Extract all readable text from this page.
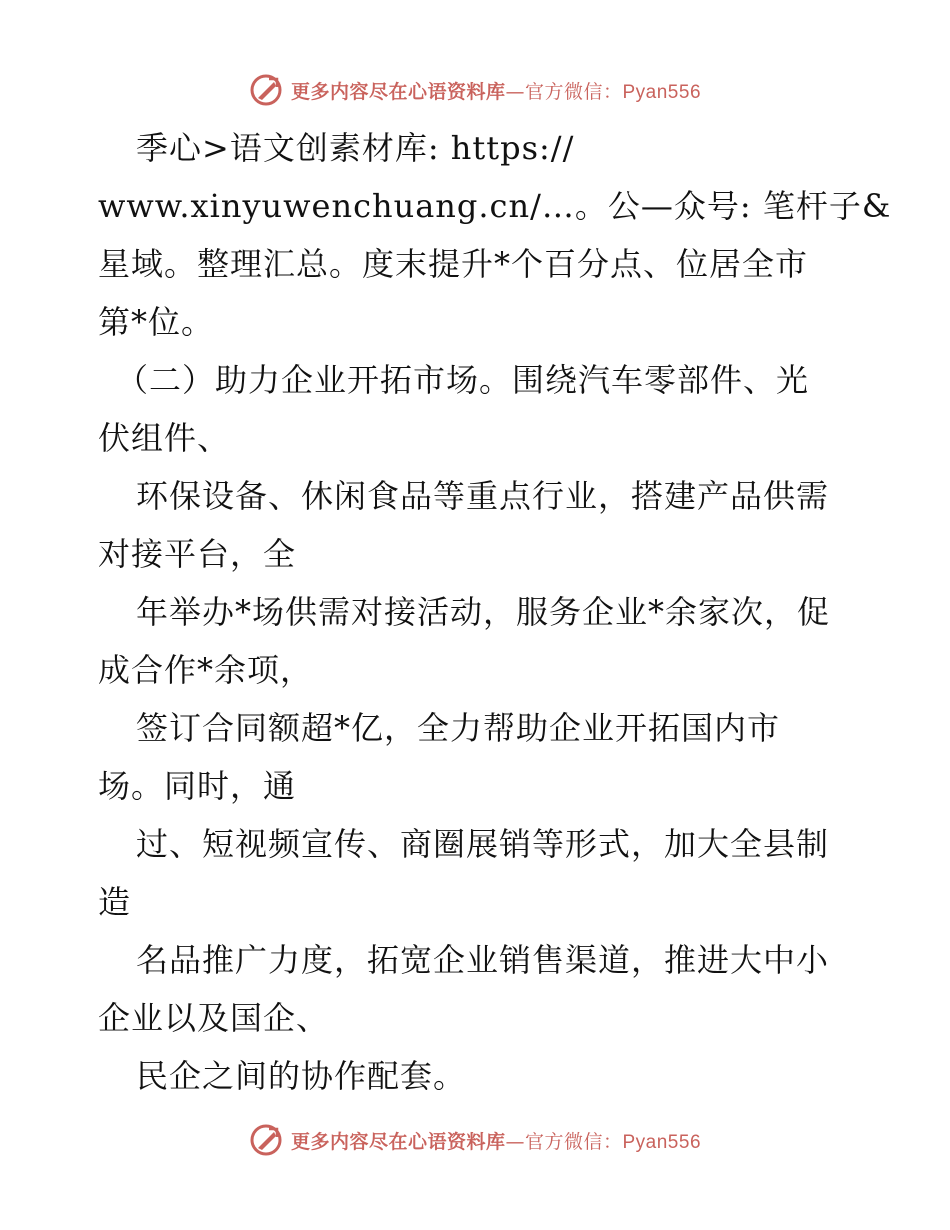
更多内容尽在心语资料库—官方微信：Pyan556
季心>语文创素材库: https://
www.xinyuwenchuang.cn/…。公—众号: 笔杆子&
星域。整理汇总。度末提升*个百分点、位居全市
第*位。
（二）助力企业开拓市场。围绕汽车零部件、光
伏组件、
环保设备、休闲食品等重点行业，搭建产品供需
对接平台，全
年举办*场供需对接活动，服务企业*余家次，促
成合作*余项，
签订合同额超*亿，全力帮助企业开拓国内市
场。同时，通
过、短视频宣传、商圈展销等形式，加大全县制
造
名品推广力度，拓宽企业销售渠道，推进大中小
企业以及国企、
民企之间的协作配套。
更多内容尽在心语资料库—官方微信：Pyan556
